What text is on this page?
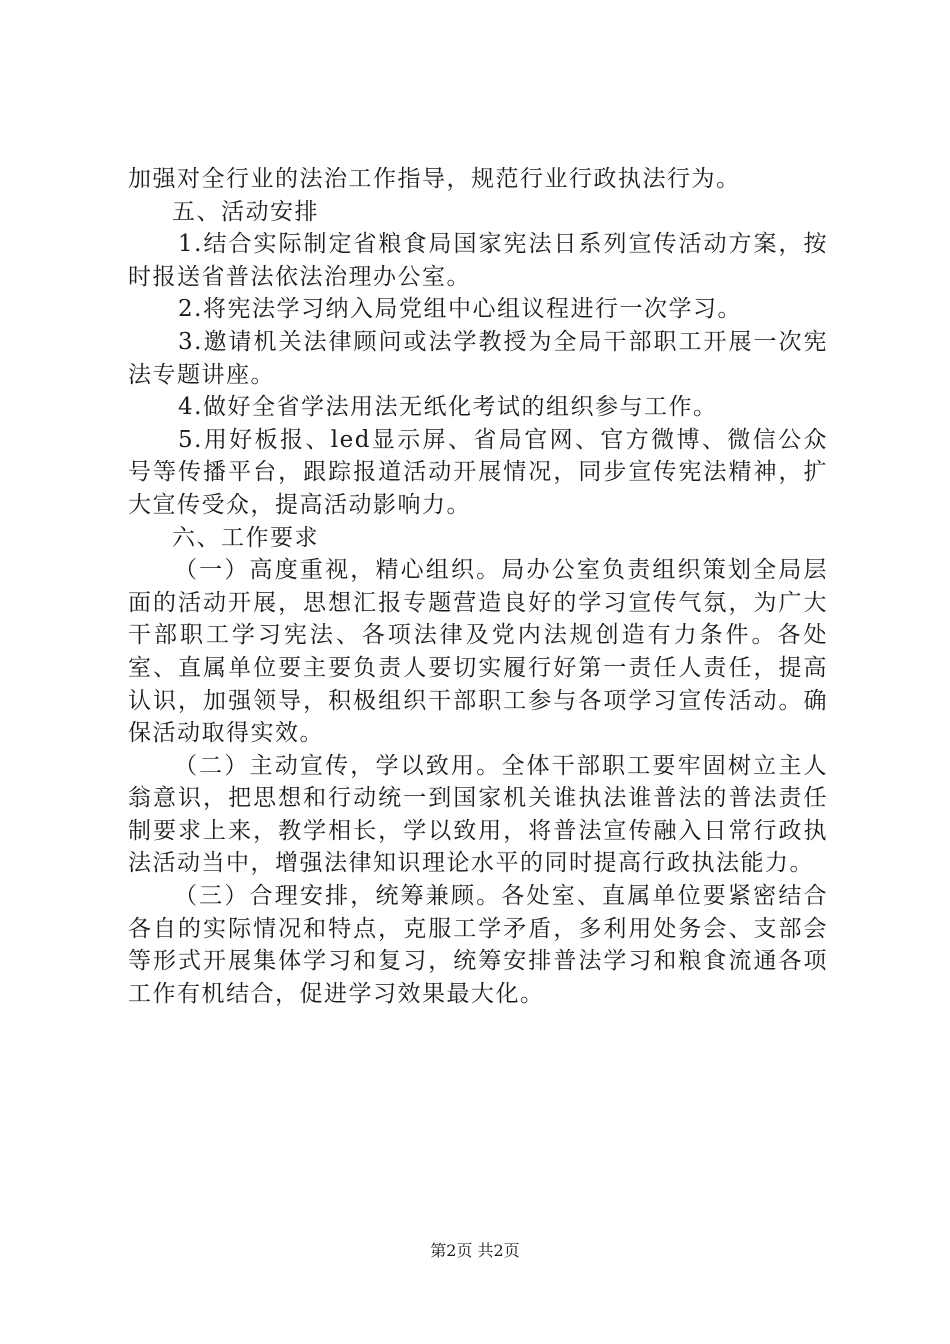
加强对全行业的法治工作指导，规范行业行政执法行为。

五、活动安排

1.结合实际制定省粮食局国家宪法日系列宣传活动方案，按时报送省普法依法治理办公室。

2.将宪法学习纳入局党组中心组议程进行一次学习。

3.邀请机关法律顾问或法学教授为全局干部职工开展一次宪法专题讲座。

4.做好全省学法用法无纸化考试的组织参与工作。

5.用好板报、led显示屏、省局官网、官方微博、微信公众号等传播平台，跟踪报道活动开展情况，同步宣传宪法精神，扩大宣传受众，提高活动影响力。

六、工作要求

（一）高度重视，精心组织。局办公室负责组织策划全局层面的活动开展，思想汇报专题营造良好的学习宣传气氛，为广大干部职工学习宪法、各项法律及党内法规创造有力条件。各处室、直属单位要主要负责人要切实履行好第一责任人责任，提高认识，加强领导，积极组织干部职工参与各项学习宣传活动。确保活动取得实效。

（二）主动宣传，学以致用。全体干部职工要牢固树立主人翁意识，把思想和行动统一到国家机关谁执法谁普法的普法责任制要求上来，教学相长，学以致用，将普法宣传融入日常行政执法活动当中，增强法律知识理论水平的同时提高行政执法能力。

（三）合理安排，统筹兼顾。各处室、直属单位要紧密结合各自的实际情况和特点，克服工学矛盾，多利用处务会、支部会等形式开展集体学习和复习，统筹安排普法学习和粮食流通各项工作有机结合，促进学习效果最大化。

第2页 共2页
